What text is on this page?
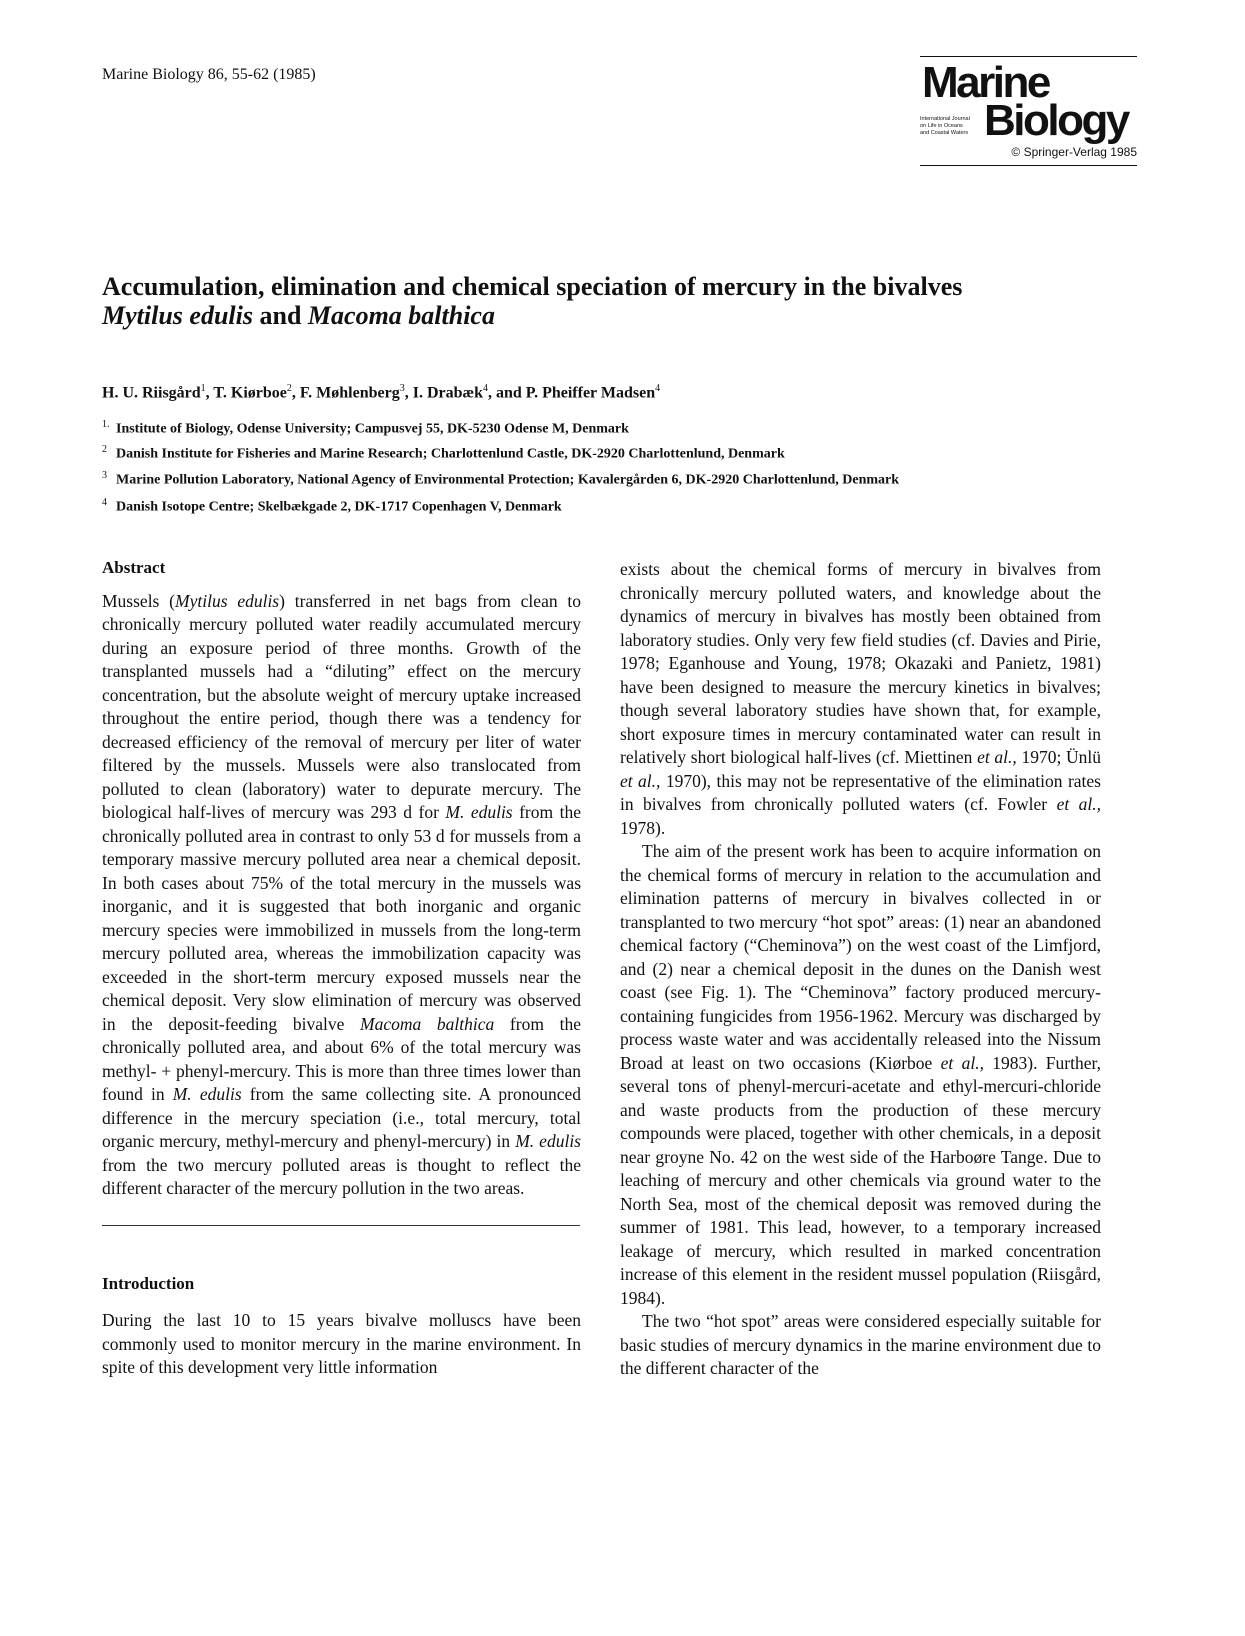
Marine Biology 86, 55-62 (1985)	Marine
International Journal
on Life in Oceans
and Coastal Waters Biology
© Springer-Verlag 1985
Accumulation, elimination and chemical speciation of mercury in the bivalves
Mytilus edulis and Macoma balthica
H. U. Riisgård$^1$, T. Kiørboe$^2$, F. Møhlenberg$^3$, I. Drabæk$^4$, and P. Pheiffer Madsen$^4$
$^{1.}$ Institute of Biology, Odense University; Campusvej 55, DK-5230 Odense M, Denmark
$^2$ Danish Institute for Fisheries and Marine Research; Charlottenlund Castle, DK-2920 Charlottenlund, Denmark
$^3$ Marine Pollution Laboratory, National Agency of Environmental Protection; Kavalergården 6, DK-2920 Charlottenlund, Denmark
$^4$ Danish Isotope Centre; Skelbækgade 2, DK-1717 Copenhagen V, Denmark
Abstract

Mussels (Mytilus edulis) transferred in net bags from clean to chronically mercury polluted water readily accumulated mercury during an exposure period of three months. Growth of the transplanted mussels had a “diluting” effect on the mercury concentration, but the absolute weight of mercury uptake increased throughout the entire period, though there was a tendency for decreased efficiency of the removal of mercury per liter of water filtered by the mussels. Mussels were also translocated from polluted to clean (laboratory) water to depurate mercury. The biological half-lives of mercury was 293 d for M. edulis from the chronically polluted area in contrast to only 53 d for mussels from a temporary massive mercury polluted area near a chemical deposit. In both cases about 75% of the total mercury in the mussels was inorganic, and it is suggested that both inorganic and organic mercury species were immobilized in mussels from the long-term mercury polluted area, whereas the immobilization capacity was exceeded in the short-term mercury exposed mussels near the chemical deposit. Very slow elimination of mercury was observed in the deposit-feeding bivalve Macoma balthica from the chronically polluted area, and about 6% of the total mercury was methyl- + phenyl-mercury. This is more than three times lower than found in M. edulis from the same collecting site. A pronounced difference in the mercury speciation (i.e., total mercury, total organic mercury, methyl-mercury and phenyl-mercury) in M. edulis from the two mercury polluted areas is thought to reflect the different character of the mercury pollution in the two areas.

Introduction

During the last 10 to 15 years bivalve molluscs have been commonly used to monitor mercury in the marine environment. In spite of this development very little information

exists about the chemical forms of mercury in bivalves from chronically mercury polluted waters, and knowledge about the dynamics of mercury in bivalves has mostly been obtained from laboratory studies. Only very few field studies (cf. Davies and Pirie, 1978; Eganhouse and Young, 1978; Okazaki and Panietz, 1981) have been designed to measure the mercury kinetics in bivalves; though several laboratory studies have shown that, for example, short exposure times in mercury contaminated water can result in relatively short biological half-lives (cf. Miettinen et al., 1970; Ünlü et al., 1970), this may not be representative of the elimination rates in bivalves from chronically polluted waters (cf. Fowler et al., 1978).

The aim of the present work has been to acquire information on the chemical forms of mercury in relation to the accumulation and elimination patterns of mercury in bivalves collected in or transplanted to two mercury “hot spot” areas: (1) near an abandoned chemical factory (“Cheminova”) on the west coast of the Limfjord, and (2) near a chemical deposit in the dunes on the Danish west coast (see Fig. 1). The “Cheminova” factory produced mercury-containing fungicides from 1956-1962. Mercury was discharged by process waste water and was accidentally released into the Nissum Broad at least on two occasions (Kiørboe et al., 1983). Further, several tons of phenyl-mercuri-acetate and ethyl-mercuri-chloride and waste products from the production of these mercury compounds were placed, together with other chemicals, in a deposit near groyne No. 42 on the west side of the Harboøre Tange. Due to leaching of mercury and other chemicals via ground water to the North Sea, most of the chemical deposit was removed during the summer of 1981. This lead, however, to a temporary increased leakage of mercury, which resulted in marked concentration increase of this element in the resident mussel population (Riisgård, 1984).

The two “hot spot” areas were considered especially suitable for basic studies of mercury dynamics in the marine environment due to the different character of the
